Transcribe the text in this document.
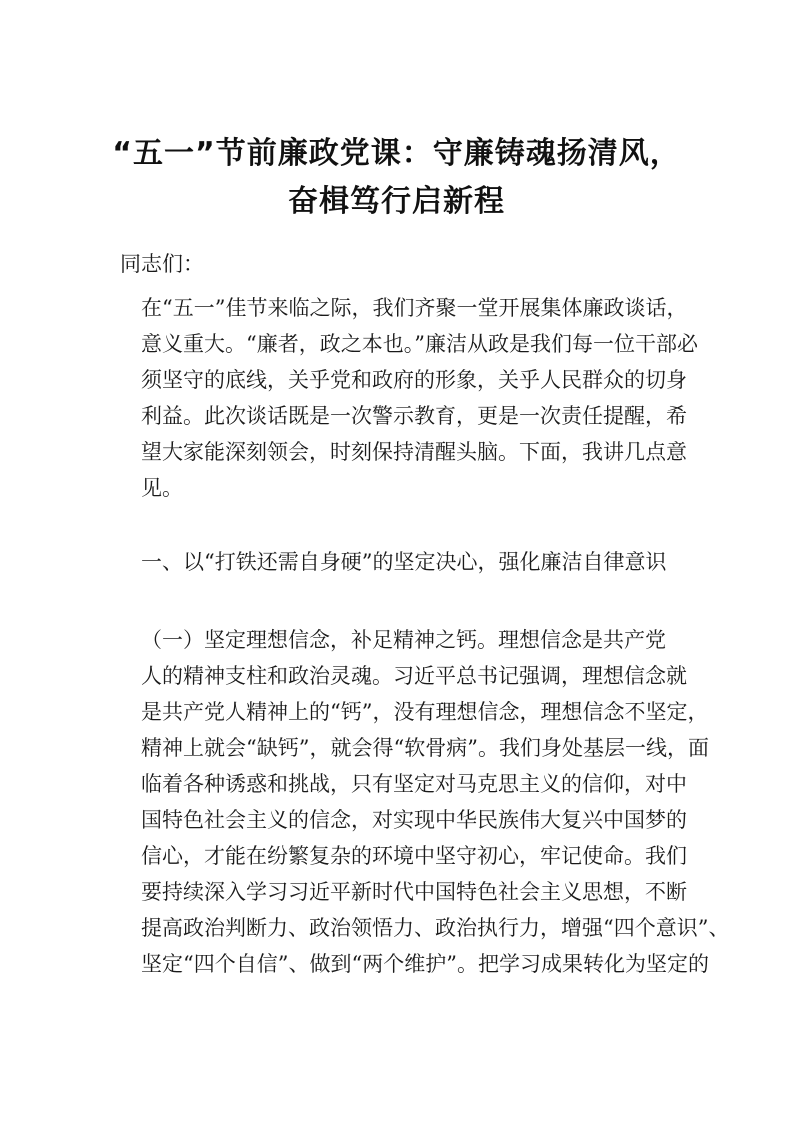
“五一”节前廉政党课：守廉铸魂扬清风，
奋楫笃行启新程
同志们：
在“五一”佳节来临之际，我们齐聚一堂开展集体廉政谈话，
意义重大。“廉者，政之本也。”廉洁从政是我们每一位干部必
须坚守的底线，关乎党和政府的形象，关乎人民群众的切身
利益。此次谈话既是一次警示教育，更是一次责任提醒，希
望大家能深刻领会，时刻保持清醒头脑。下面，我讲几点意
见。
一、以“打铁还需自身硬”的坚定决心，强化廉洁自律意识
（一）坚定理想信念，补足精神之钙。理想信念是共产党
人的精神支柱和政治灵魂。习近平总书记强调，理想信念就
是共产党人精神上的“钙”，没有理想信念，理想信念不坚定，
精神上就会“缺钙”，就会得“软骨病”。我们身处基层一线，面
临着各种诱惑和挑战，只有坚定对马克思主义的信仰，对中
国特色社会主义的信念，对实现中华民族伟大复兴中国梦的
信心，才能在纷繁复杂的环境中坚守初心，牢记使命。我们
要持续深入学习习近平新时代中国特色社会主义思想，不断
提高政治判断力、政治领悟力、政治执行力，增强“四个意识”、
坚定“四个自信”、做到“两个维护”。把学习成果转化为坚定的
